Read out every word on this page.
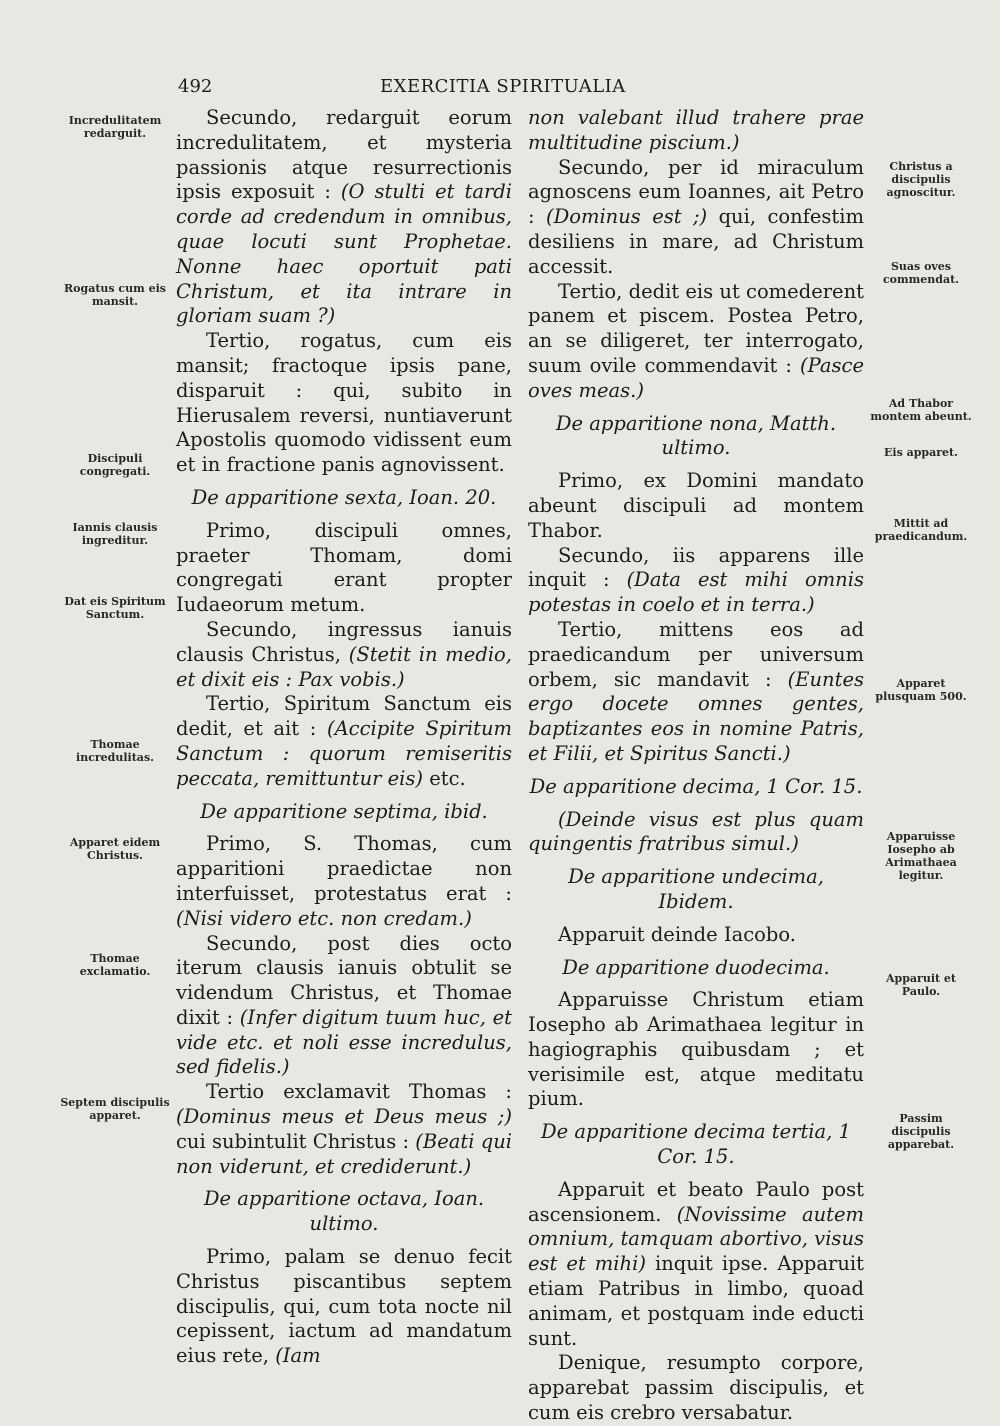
492	EXERCITIA SPIRITUALIA
Incredulitatem redarguit.
Rogatus cum eis mansit.
Discipuli congregati.
Iannis clausis ingreditur.
Dat eis Spiritum Sanctum.
Thomae incredulitas.
Apparet eidem Christus.
Thomae exclamatio.
Septem discipulis apparet.
Christus a discipulis agnoscitur.
Suas oves commendat.
Ad Thabor montem abeunt.
Eis apparet.
Mittit ad praedicandum.
Apparet plusquam 500.
Apparuisse Iosepho ab Arimathaea legitur.
Apparuit et Paulo.
Passim discipulis apparebat.

Secundo, redarguit eorum incredulitatem, et mysteria passionis atque resurrectionis ipsis exposuit : (O stulti et tardi corde ad credendum in omnibus, quae locuti sunt Prophetae. Nonne haec oportuit pati Christum, et ita intrare in gloriam suam ?)

Tertio, rogatus, cum eis mansit; fractoque ipsis pane, disparuit : qui, subito in Hierusalem reversi, nuntiaverunt Apostolis quomodo vidissent eum et in fractione panis agnovissent.

De apparitione sexta, Ioan. 20.

Primo, discipuli omnes, praeter Thomam, domi congregati erant propter Iudaeorum metum.

Secundo, ingressus ianuis clausis Christus, (Stetit in medio, et dixit eis : Pax vobis.)

Tertio, Spiritum Sanctum eis dedit, et ait : (Accipite Spiritum Sanctum : quorum remiseritis peccata, remittuntur eis) etc.

De apparitione septima, ibid.

Primo, S. Thomas, cum apparitioni praedictae non interfuisset, protestatus erat : (Nisi videro etc. non credam.)

Secundo, post dies octo iterum clausis ianuis obtulit se videndum Christus, et Thomae dixit : (Infer digitum tuum huc, et vide etc. et noli esse incredulus, sed fidelis.)

Tertio exclamavit Thomas : (Dominus meus et Deus meus ;) cui subintulit Christus : (Beati qui non viderunt, et crediderunt.)

De apparitione octava, Ioan. ultimo.

Primo, palam se denuo fecit Christus piscantibus septem discipulis, qui, cum tota nocte nil cepissent, iactum ad mandatum eius rete, (Iam

non valebant illud trahere prae multitudine piscium.)

Secundo, per id miraculum agnoscens eum Ioannes, ait Petro : (Dominus est ;) qui, confestim desiliens in mare, ad Christum accessit.

Tertio, dedit eis ut comederent panem et piscem. Postea Petro, an se diligeret, ter interrogato, suum ovile commendavit : (Pasce oves meas.)

De apparitione nona, Matth. ultimo.

Primo, ex Domini mandato abeunt discipuli ad montem Thabor.

Secundo, iis apparens ille inquit : (Data est mihi omnis potestas in coelo et in terra.)

Tertio, mittens eos ad praedicandum per universum orbem, sic mandavit : (Euntes ergo docete omnes gentes, baptizantes eos in nomine Patris, et Filii, et Spiritus Sancti.)

De apparitione decima, 1 Cor. 15.

(Deinde visus est plus quam quingentis fratribus simul.)

De apparitione undecima, Ibidem.

Apparuit deinde Iacobo.

De apparitione duodecima.

Apparuisse Christum etiam Iosepho ab Arimathaea legitur in hagiographis quibusdam ; et verisimile est, atque meditatu pium.

De apparitione decima tertia, 1 Cor. 15.

Apparuit et beato Paulo post ascensionem. (Novissime autem omnium, tamquam abortivo, visus est et mihi) inquit ipse. Apparuit etiam Patribus in limbo, quoad animam, et postquam inde educti sunt.

Denique, resumpto corpore, apparebat passim discipulis, et cum eis crebro versabatur.
